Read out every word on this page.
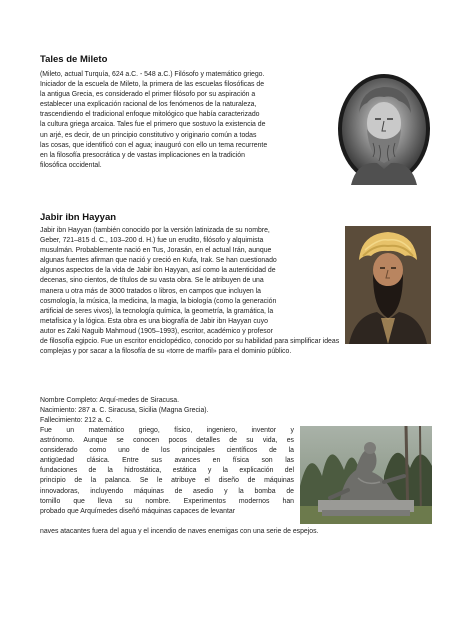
Tales de Mileto
(Mileto, actual Turquía, 624 a.C. - 548 a.C.) Filósofo y matemático griego.
Iniciador de la escuela de Mileto, la primera de las escuelas filosóficas de
la antigua Grecia, es considerado el primer filósofo por su aspiración a
establecer una explicación racional de los fenómenos de la naturaleza,
trascendiendo el tradicional enfoque mitológico que había caracterizado
la cultura griega arcaica. Tales fue el primero que sostuvo la existencia de
un arjé, es decir, de un principio constitutivo y originario común a todas
las cosas, que identificó con el agua; inauguró con ello un tema recurrente
en la filosofía presocrática y de vastas implicaciones en la tradición
filosófica occidental.
Jabir ibn Hayyan
Jabir ibn Hayyan (también conocido por la versión latinizada de su nombre,
Geber, 721–815 d. C., 103–200 d. H.) fue un erudito, filósofo y alquimista
musulmán. Probablemente nació en Tus, Jorasán, en el actual Irán, aunque
algunas fuentes afirman que nació y creció en Kufa, Irak. Se han cuestionado
algunos aspectos de la vida de Jabir ibn Hayyan, así como la autenticidad de
decenas, sino cientos, de títulos de su vasta obra. Se le atribuyen de una
manera u otra más de 3000 tratados o libros, en campos que incluyen la
cosmología, la música, la medicina, la magia, la biología (como la generación
artificial de seres vivos), la tecnología química, la geometría, la gramática, la
metafísica y la lógica. Esta obra es una biografía de Jabir ibn Hayyan cuyo
autor es Zaki Naguib Mahmoud (1905–1993), escritor, académico y profesor
de filosofía egipcio. Fue un escritor enciclopédico, conocido por su habilidad para simplificar ideas
complejas y por sacar a la filosofía de su «torre de marfil» para el dominio público.
Nombre Completo: Arquí-medes de Siracusa.
Nacimiento: 287 a. C. Siracusa, Sicilia (Magna Grecia).
Fallecimiento: 212 a. C.
Fue un matemático griego, físico, ingeniero, inventor y
astrónomo. Aunque se conocen pocos detalles de su vida, es
considerado como uno de los principales científicos de la
antigüedad clásica. Entre sus avances en física son las
fundaciones de la hidrostática, estática y la explicación del
principio de la palanca. Se le atribuye el diseño de máquinas
innovadoras, incluyendo máquinas de asedio y la bomba de
tornillo que lleva su nombre. Experimentos modernos han
probado que Arquímedes diseñó máquinas capaces de levantar
naves atacantes fuera del agua y el incendio de naves enemigas con una serie de espejos.
